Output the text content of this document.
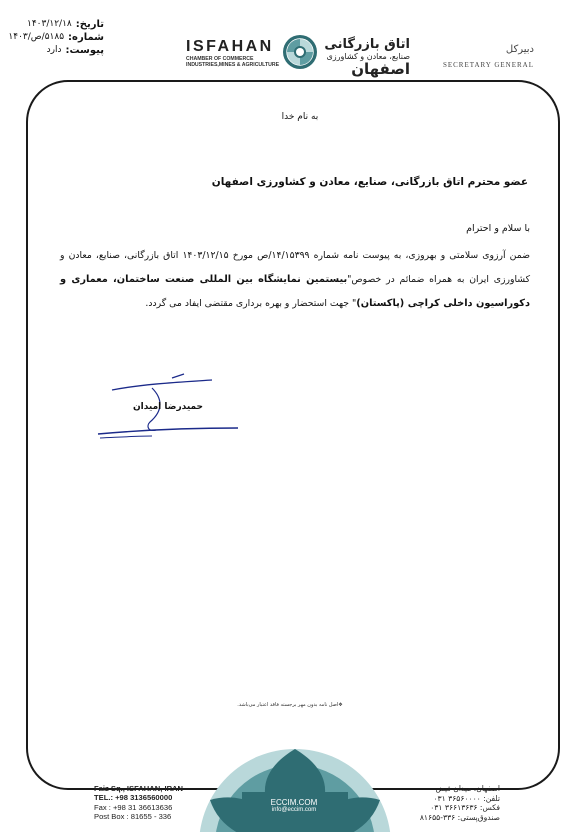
تاریخ:
۱۴۰۳/۱۲/۱۸
شماره:
۵۱۸۵/ص/۱۴۰۳
پیوست:
دارد	ISFAHAN
CHAMBER OF COMMERCE
INDUSTRIES,MINES & AGRICULTURE
اتاق بازرگانی
صنایع، معادن و کشاورزی
اصفهان
دبیرکل
SECRETARY GENERAL
به نام خدا
عضو محترم اتاق بازرگانی، صنایع، معادن و کشاورزی اصفهان
با سلام و احترام
ضمن آرزوی سلامتی و بهروزی، به پیوست نامه شماره ۱۴/۱۵۳۹۹/ص مورخ ۱۴۰۳/۱۲/۱۵ اتاق بازرگانی، صنایع، معادن و کشاورزی ایران به همراه ضمائم در خصوص"بیستمین نمایشگاه بین المللی صنعت ساختمان، معماری و دکوراسیون داخلی کراچی (پاکستان)" جهت استحضار و بهره برداری مقتضی ایفاد می گردد.
حمیدرضا امیدان
❖اصل نامه بدون مهر برجسته فاقد اعتبار می‌باشد.
Faiz Sq., ISFAHAN, IRAN
TEL.: +98 3136560000
Fax : +98 31 36613636
Post Box : 81655 - 336
ECCIM.COM
info@eccim.com
اصفهان، میدان فیض
تلفن: ۳۶۵۶۰۰۰۰ ۰۳۱
فکس: ۳۶۶۱۳۶۳۶ ۰۳۱
صندوق‌پستی: ۳۳۶-۸۱۶۵۵
